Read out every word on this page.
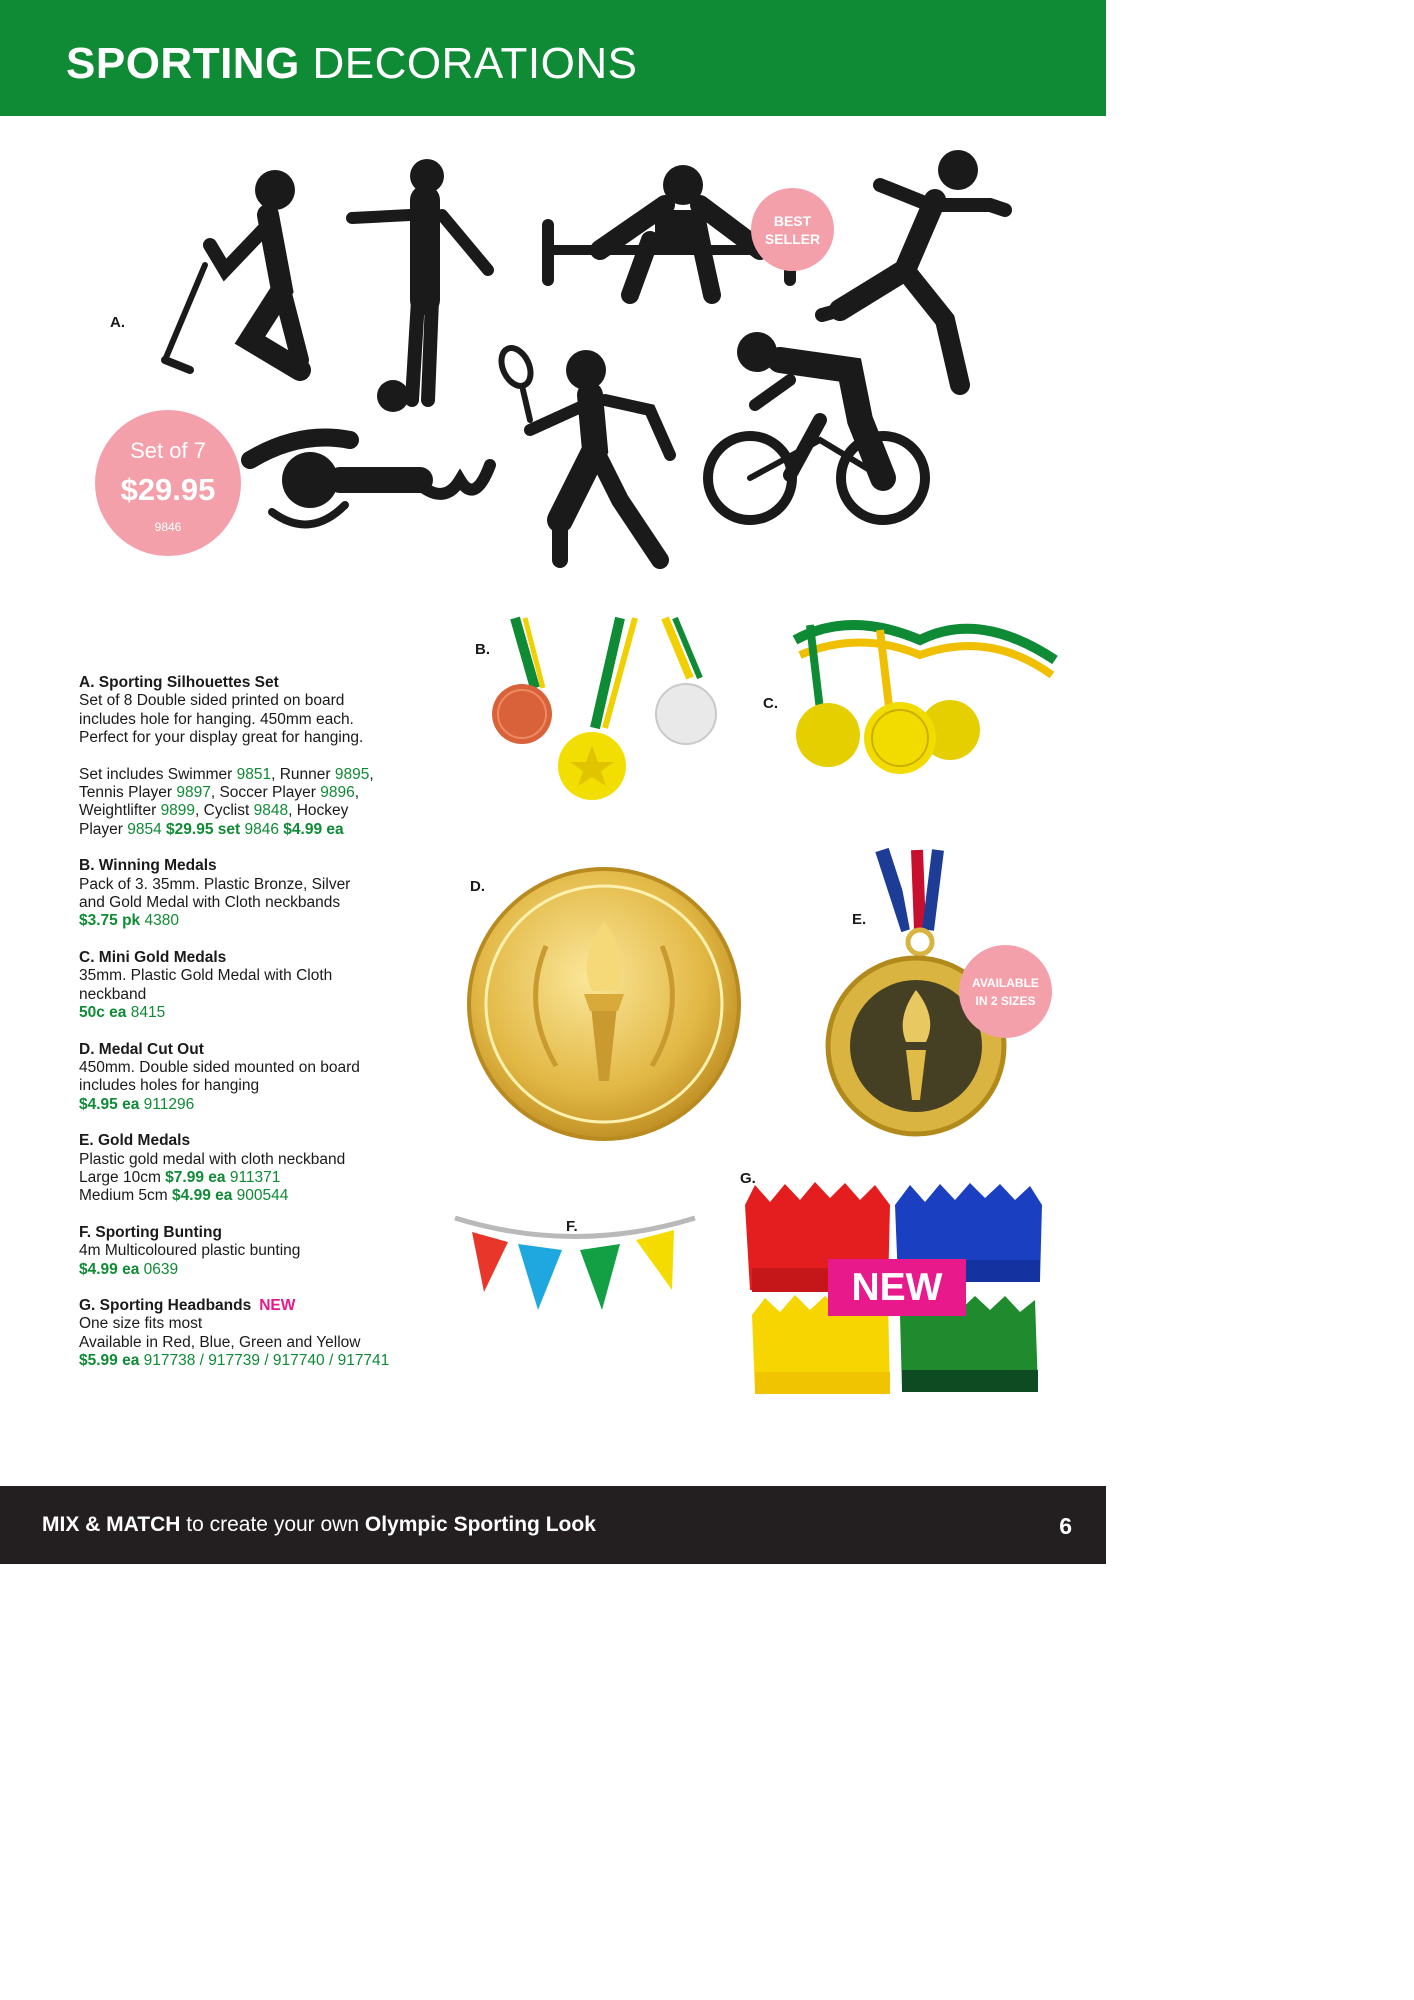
SPORTING DECORATIONS
A.
Set of 7
$29.95
9846
BEST
SELLER
A. Sporting Silhouettes Set
Set of 8 Double sided printed on board
includes hole for hanging. 450mm each.
Perfect for your display great for hanging.
Set includes Swimmer 9851, Runner 9895,
Tennis Player 9897, Soccer Player 9896,
Weightlifter 9899, Cyclist 9848, Hockey
Player 9854 $29.95 set 9846 $4.99 ea
B. Winning Medals
Pack of 3. 35mm. Plastic Bronze, Silver
and Gold Medal with Cloth neckbands
$3.75 pk 4380
C. Mini Gold Medals
35mm. Plastic Gold Medal with Cloth
neckband
50c ea 8415
D. Medal Cut Out
450mm. Double sided mounted on board
includes holes for hanging
$4.95 ea 911296
E. Gold Medals
Plastic gold medal with cloth neckband
Large 10cm $7.99 ea 911371
Medium 5cm $4.99 ea 900544
F. Sporting Bunting
4m Multicoloured plastic bunting
$4.99 ea 0639
G. Sporting Headbands NEW
One size fits most
Available in Red, Blue, Green and Yellow
$5.99 ea 917738 / 917739 / 917740 / 917741
B.
C.
D.
E.
AVAILABLE
IN 2 SIZES
F.
G.
NEW
MIX & MATCH to create your own Olympic Sporting Look	6
